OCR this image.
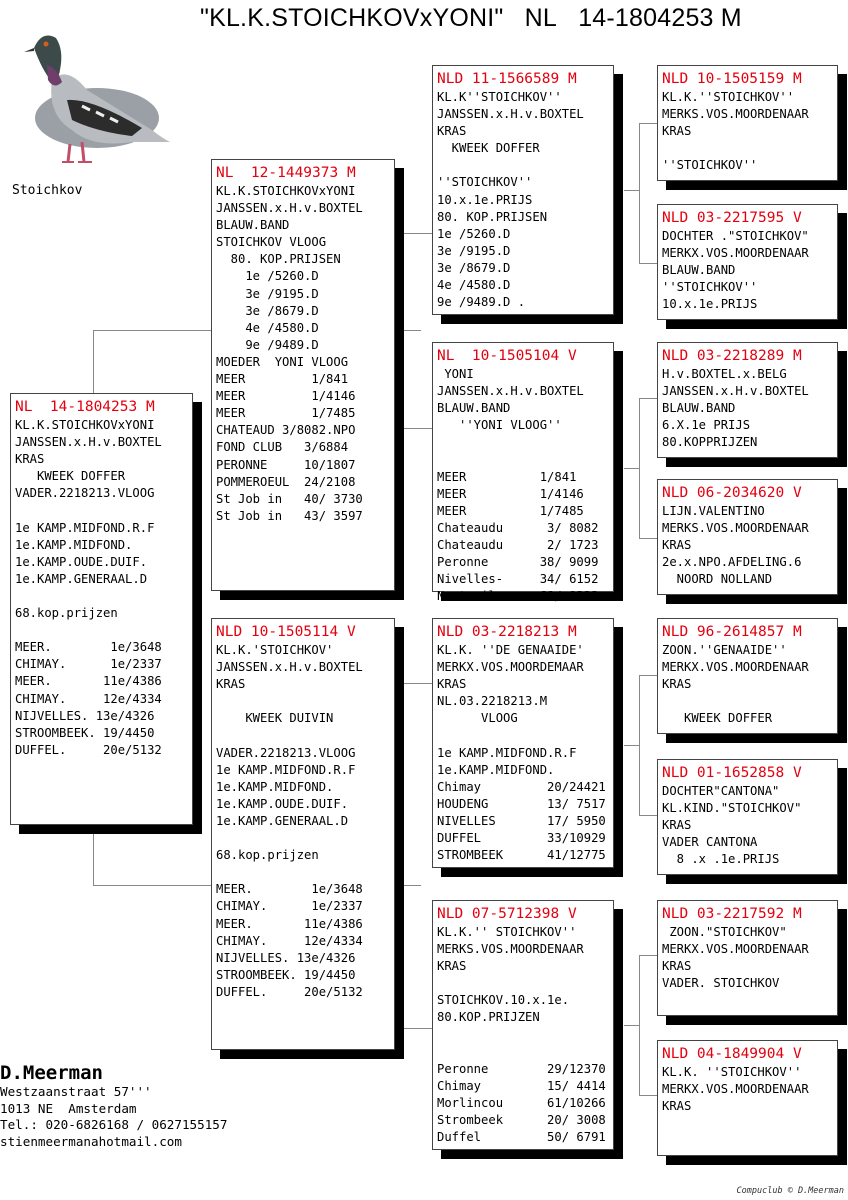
"KL.K.STOICHKOVxYONI" NL 14-1804253 M
Stoichkov
NL  14-1804253 M
KL.K.STOICHKOVxYONI
JANSSEN.x.H.v.BOXTEL
KRAS
KWEEK DOFFER
VADER.2218213.VLOOG

1e KAMP.MIDFOND.R.F
1e.KAMP.MIDFOND.
1e.KAMP.OUDE.DUIF.
1e.KAMP.GENERAAL.D

68.kop.prijzen

MEER.        1e/3648
CHIMAY.      1e/2337
MEER.       11e/4386
CHIMAY.     12e/4334
NIJVELLES. 13e/4326
STROOMBEEK. 19/4450
DUFFEL.     20e/5132
NL  12-1449373 M
KL.K.STOICHKOVxYONI
JANSSEN.x.H.v.BOXTEL
BLAUW.BAND
STOICHKOV VLOOG
80. KOP.PRIJSEN
1e /5260.D
3e /9195.D
3e /8679.D
4e /4580.D
9e /9489.D
MOEDER  YONI VLOOG
MEER         1/841
MEER         1/4146
MEER         1/7485
CHATEAUD 3/8082.NPO
FOND CLUB   3/6884
PERONNE     10/1807
POMMEROEUL  24/2108
St Job in   40/ 3730
St Job in   43/ 3597
NLD 10-1505114 V
KL.K.'STOICHKOV'
JANSSEN.x.H.v.BOXTEL
KRAS

KWEEK DUIVIN

VADER.2218213.VLOOG
1e KAMP.MIDFOND.R.F
1e.KAMP.MIDFOND.
1e.KAMP.OUDE.DUIF.
1e.KAMP.GENERAAL.D

68.kop.prijzen

MEER.        1e/3648
CHIMAY.      1e/2337
MEER.       11e/4386
CHIMAY.     12e/4334
NIJVELLES. 13e/4326
STROOMBEEK. 19/4450
DUFFEL.     20e/5132
NLD 11-1566589 M
KL.K''STOICHKOV''
JANSSEN.x.H.v.BOXTEL
KRAS
KWEEK DOFFER

''STOICHKOV''
10.x.1e.PRIJS
80. KOP.PRIJSEN
1e /5260.D
3e /9195.D
3e /8679.D
4e /4580.D
9e /9489.D .
NL  10-1505104 V
YONI
JANSSEN.x.H.v.BOXTEL
BLAUW.BAND
''YONI VLOOG''

MEER          1/841
MEER          1/4146
MEER          1/7485
Chateaudu      3/ 8082
Chateaudu      2/ 1723
Peronne       38/ 9099
Nivelles-     34/ 6152
Nanteuil      60/ 9332
NLD 03-2218213 M
KL.K. ''DE GENAAIDE'
MERKX.VOS.MOORDEMAAR
KRAS
NL.03.2218213.M
VLOOG

1e KAMP.MIDFOND.R.F
1e.KAMP.MIDFOND.
Chimay         20/24421
HOUDENG        13/ 7517
NIVELLES       17/ 5950
DUFFEL         33/10929
STROMBEEK      41/12775
NLD 07-5712398 V
KL.K.'' STOICHKOV''
MERKS.VOS.MOORDENAAR
KRAS

STOICHKOV.10.x.1e.
80.KOP.PRIJZEN

Peronne        29/12370
Chimay         15/ 4414
Morlincou      61/10266
Strombeek      20/ 3008
Duffel         50/ 6791
NLD 10-1505159 M
KL.K.''STOICHKOV''
MERKS.VOS.MOORDENAAR
KRAS

''STOICHKOV''
NLD 03-2217595 V
DOCHTER ."STOICHKOV"
MERKX.VOS.MOORDENAAR
BLAUW.BAND
''STOICHKOV''
10.x.1e.PRIJS
NLD 03-2218289 M
H.v.BOXTEL.x.BELG
JANSSEN.x.H.v.BOXTEL
BLAUW.BAND
6.X.1e PRIJS
80.KOPPRIJZEN
NLD 06-2034620 V
LIJN.VALENTINO
MERKS.VOS.MOORDENAAR
KRAS
2e.x.NPO.AFDELING.6
NOORD NOLLAND
NLD 96-2614857 M
ZOON.''GENAAIDE''
MERKX.VOS.MOORDENAAR
KRAS

KWEEK DOFFER
NLD 01-1652858 V
DOCHTER"CANTONA"
KL.KIND."STOICHKOV"
KRAS
VADER CANTONA
8 .x .1e.PRIJS
NLD 03-2217592 M
ZOON."STOICHKOV"
MERKX.VOS.MOORDENAAR
KRAS
VADER. STOICHKOV
NLD 04-1849904 V
KL.K. ''STOICHKOV''
MERKX.VOS.MOORDENAAR
KRAS
D.Meerman
Westzaanstraat 57'''
1013 NE  Amsterdam
Tel.: 020-6826168 / 0627155157
stienmeermanahotmail.com
Compuclub © D.Meerman
